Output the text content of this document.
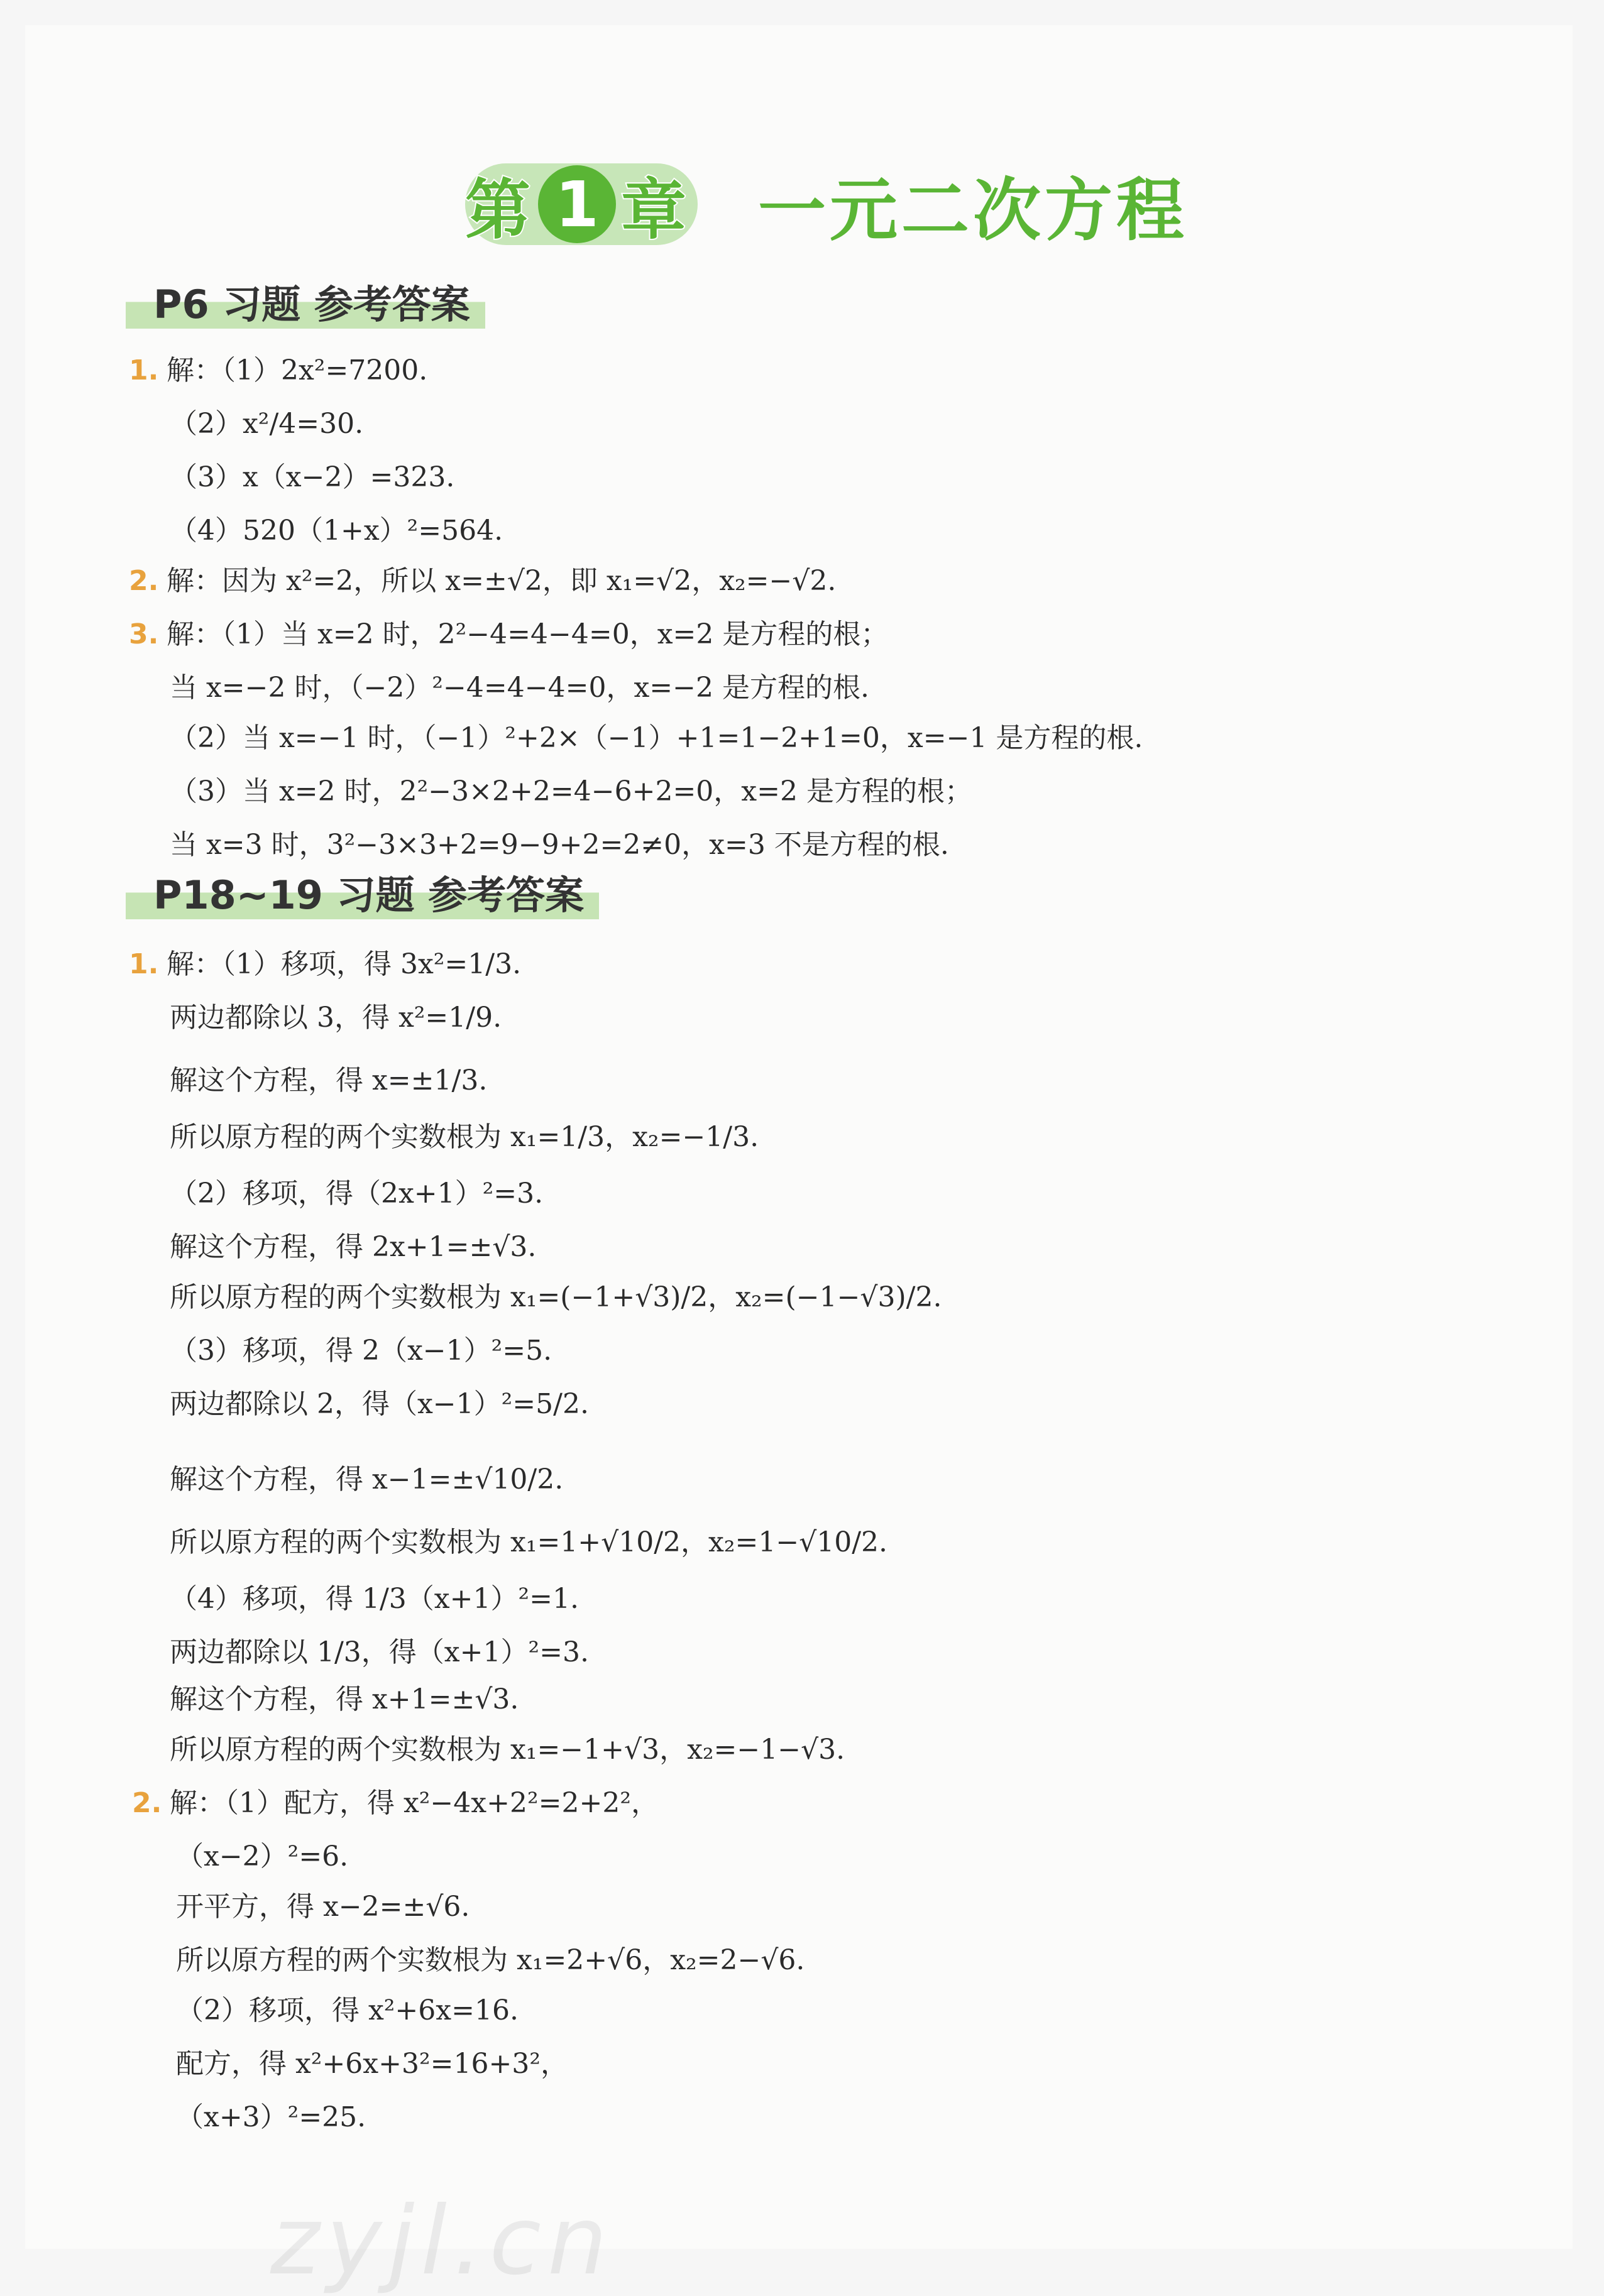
第 1 章 一元二次方程
P6 习题 参考答案
1. 解：（1）2x²=7200.
（2）x²/4=30.
（3）x（x−2）=323.
（4）520（1+x）²=564.
2. 解：因为 x²=2，所以 x=±√2，即 x₁=√2，x₂=−√2.
3. 解：（1）当 x=2 时，2²−4=4−4=0，x=2 是方程的根；
当 x=−2 时，（−2）²−4=4−4=0，x=−2 是方程的根.
（2）当 x=−1 时，（−1）²+2×（−1）+1=1−2+1=0，x=−1 是方程的根.
（3）当 x=2 时，2²−3×2+2=4−6+2=0，x=2 是方程的根；
当 x=3 时，3²−3×3+2=9−9+2=2≠0，x=3 不是方程的根.
P18~19 习题 参考答案
1. 解：（1）移项，得 3x²=1/3.
两边都除以 3，得 x²=1/9.
解这个方程，得 x=±1/3.
所以原方程的两个实数根为 x₁=1/3，x₂=−1/3.
（2）移项，得（2x+1）²=3.
解这个方程，得 2x+1=±√3.
所以原方程的两个实数根为 x₁=(−1+√3)/2，x₂=(−1−√3)/2.
（3）移项，得 2（x−1）²=5.
两边都除以 2，得（x−1）²=5/2.
解这个方程，得 x−1=±√10/2.
所以原方程的两个实数根为 x₁=1+√10/2，x₂=1−√10/2.
（4）移项，得 1/3（x+1）²=1.
两边都除以 1/3，得（x+1）²=3.
解这个方程，得 x+1=±√3.
所以原方程的两个实数根为 x₁=−1+√3，x₂=−1−√3.
2. 解：（1）配方，得 x²−4x+2²=2+2²，
（x−2）²=6.
开平方，得 x−2=±√6.
所以原方程的两个实数根为 x₁=2+√6，x₂=2−√6.
（2）移项，得 x²+6x=16.
配方，得 x²+6x+3²=16+3²，
（x+3）²=25.
zyjl.cn
